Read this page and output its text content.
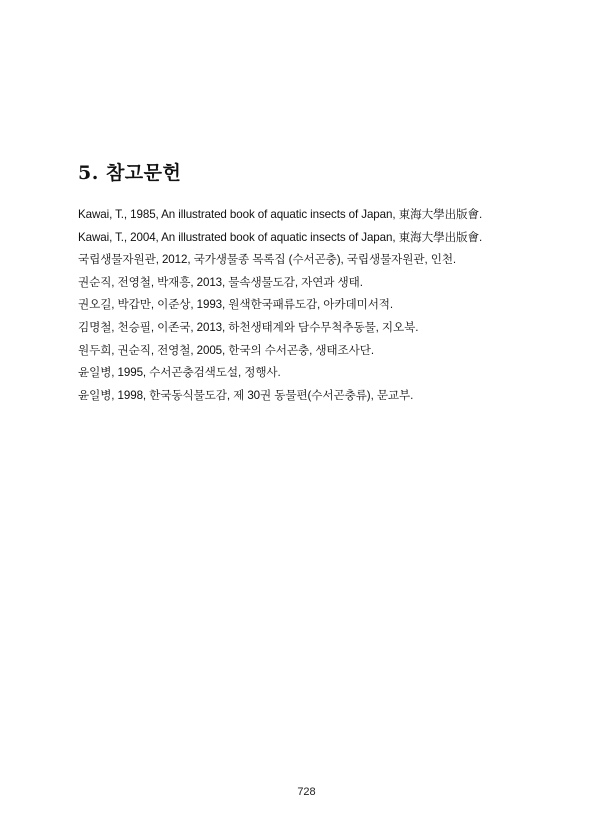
5. 참고문헌
Kawai, T., 1985, An illustrated book of aquatic insects of Japan, 東海大學出版會.
Kawai, T., 2004, An illustrated book of aquatic insects of Japan, 東海大學出版會.
국립생물자원관, 2012, 국가생물종 목록집 (수서곤충), 국립생물자원관, 인천.
권순직, 전영철, 박재흥, 2013, 물속생물도감, 자연과 생태.
권오길, 박갑만, 이준상, 1993, 원색한국패류도감, 아카데미서적.
김명철, 천승필, 이존국, 2013, 하천생태계와 담수무척추동물, 지오북.
원두희, 권순직, 전영철, 2005, 한국의 수서곤충, 생태조사단.
윤일병, 1995, 수서곤충검색도설, 정행사.
윤일병, 1998, 한국동식물도감, 제 30권 동물편(수서곤충류), 문교부.
728
